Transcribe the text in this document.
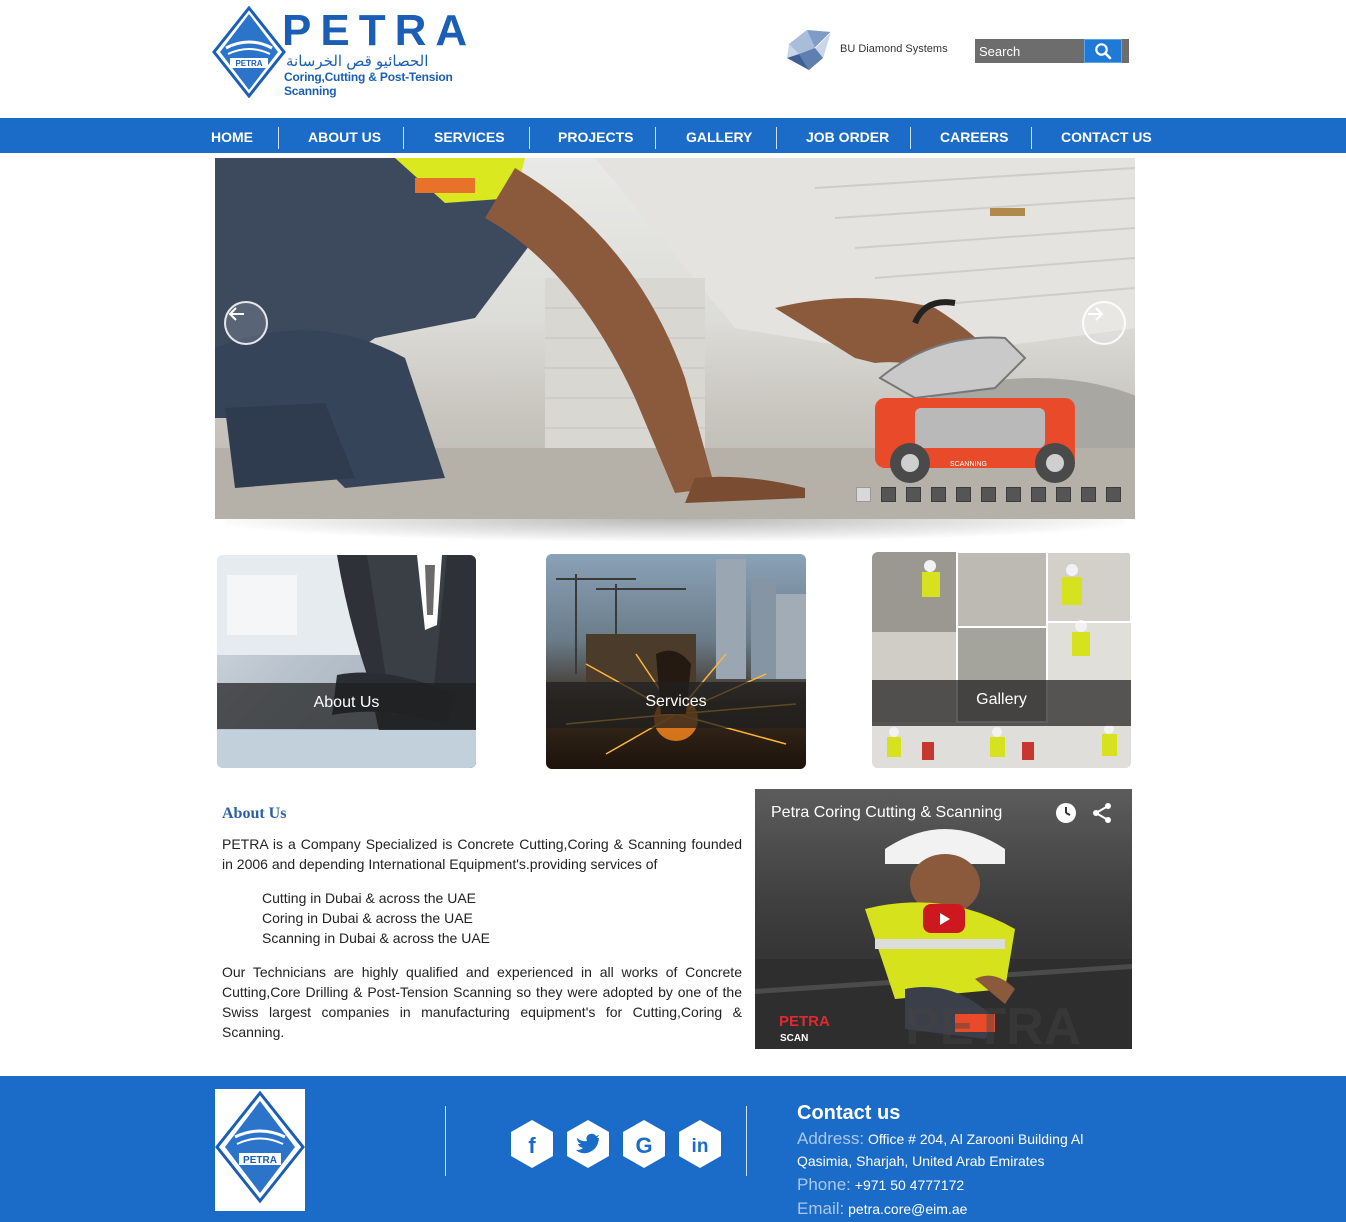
PETRA
PETRA
الحصائيو قص الخرسانة
Coring,Cutting & Post-Tension Scanning
BU Diamond Systems
Search
HOME	ABOUT US	SERVICES	PROJECTS	GALLERY	JOB ORDER	CAREERS	CONTACT US
SCANNING
About Us	Services	Gallery
About Us

PETRA is a Company Specialized is Concrete Cutting,Coring & Scanning founded in 2006 and depending International Equipment's.providing services of

Cutting in Dubai & across the UAE
Coring in Dubai & across the UAE
Scanning in Dubai & across the UAE

Our Technicians are highly qualified and experienced in all works of Concrete Cutting,Core Drilling & Post-Tension Scanning so they were adopted by one of the Swiss largest companies in manufacturing equipment's for Cutting,Coring & Scanning.	PETRA
Petra Coring Cutting & Scanning
PETRA
SCAN
PETRA
f	G in
Contact us
Address: Office # 204, Al Zarooni Building Al
Qasimia, Sharjah, United Arab Emirates
Phone: +971 50 4777172
Email: petra.core@eim.ae
